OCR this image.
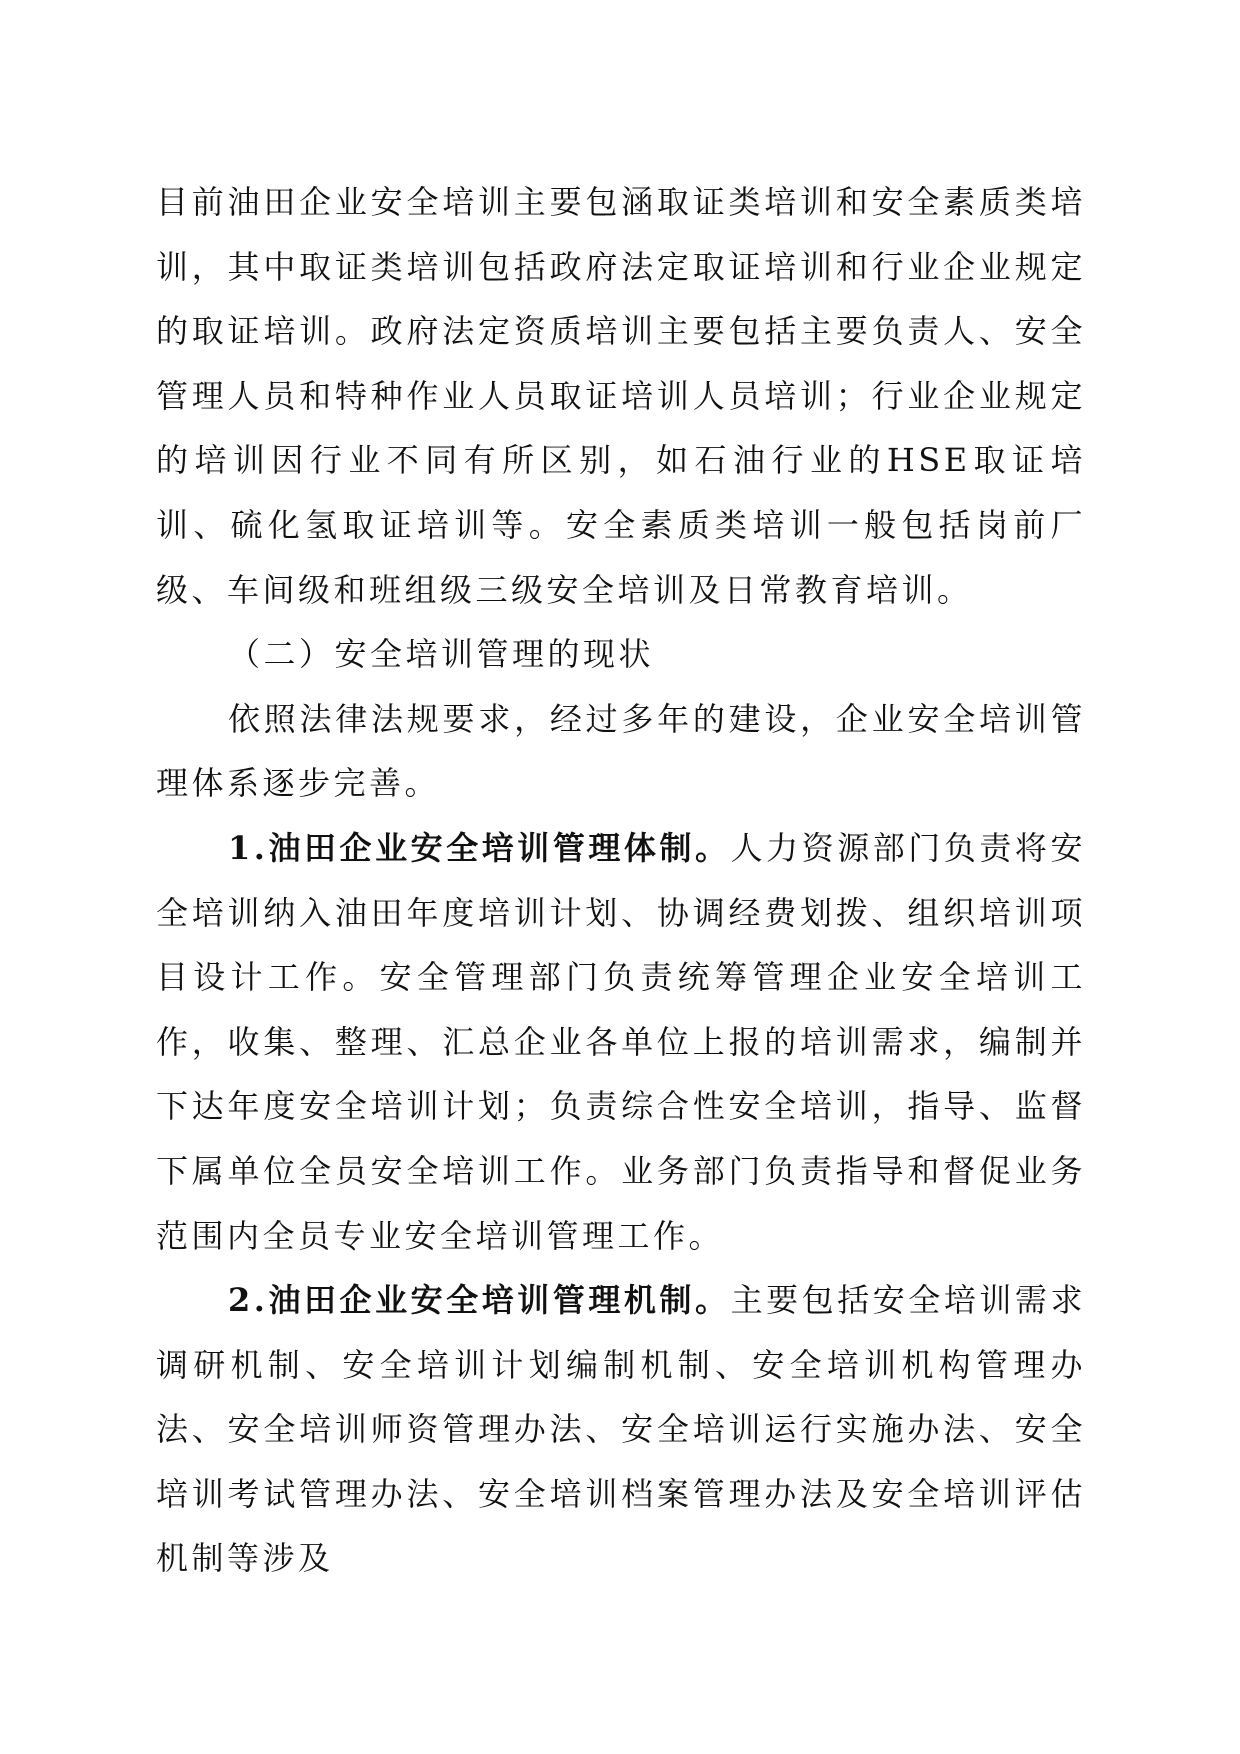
目前油田企业安全培训主要包涵取证类培训和安全素质类培训，其中取证类培训包括政府法定取证培训和行业企业规定的取证培训。政府法定资质培训主要包括主要负责人、安全管理人员和特种作业人员取证培训人员培训；行业企业规定的培训因行业不同有所区别，如石油行业的HSE取证培训、硫化氢取证培训等。安全素质类培训一般包括岗前厂级、车间级和班组级三级安全培训及日常教育培训。

（二）安全培训管理的现状

依照法律法规要求，经过多年的建设，企业安全培训管理体系逐步完善。

1.油田企业安全培训管理体制。人力资源部门负责将安全培训纳入油田年度培训计划、协调经费划拨、组织培训项目设计工作。安全管理部门负责统筹管理企业安全培训工作，收集、整理、汇总企业各单位上报的培训需求，编制并下达年度安全培训计划；负责综合性安全培训，指导、监督下属单位全员安全培训工作。业务部门负责指导和督促业务范围内全员专业安全培训管理工作。

2.油田企业安全培训管理机制。主要包括安全培训需求调研机制、安全培训计划编制机制、安全培训机构管理办法、安全培训师资管理办法、安全培训运行实施办法、安全培训考试管理办法、安全培训档案管理办法及安全培训评估机制等涉及
